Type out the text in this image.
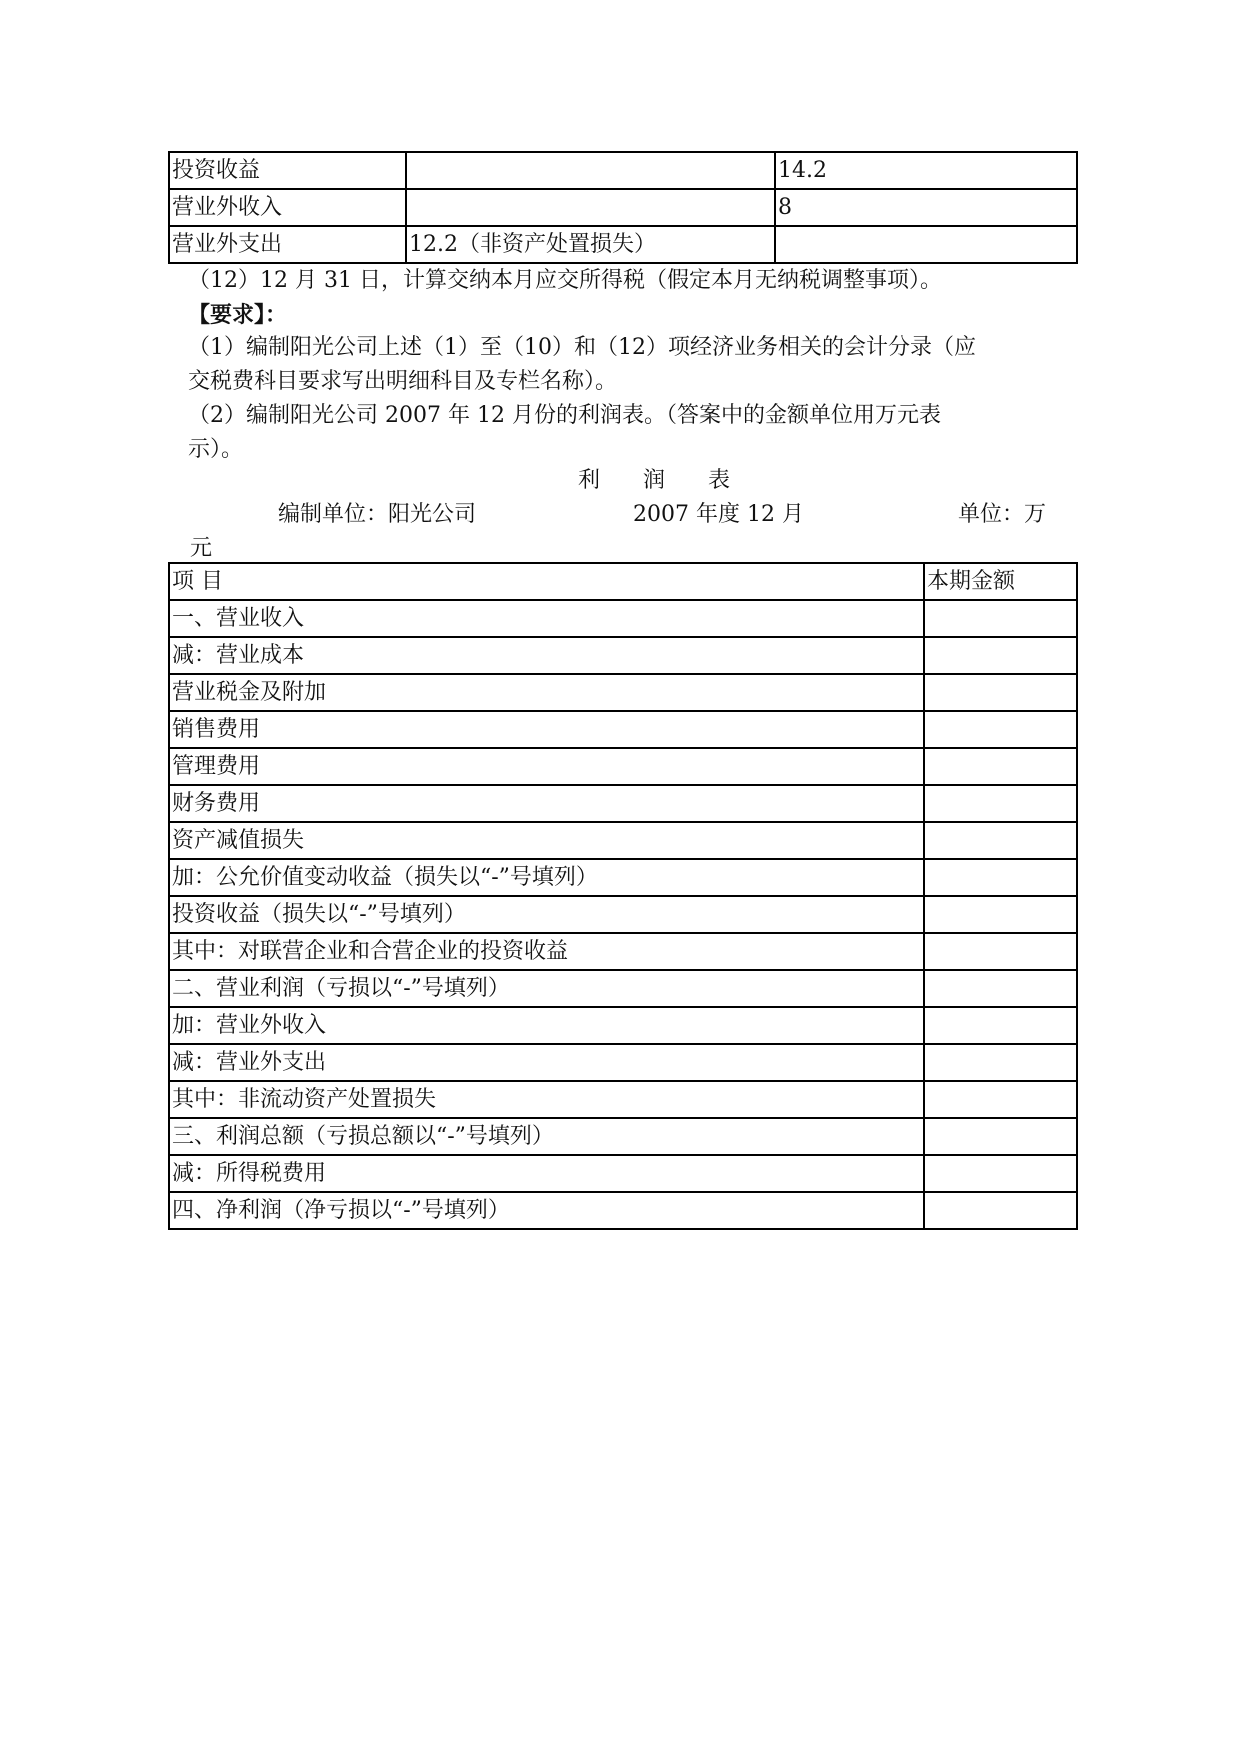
投资收益		14.2
营业外收入		8
营业外支出	12.2（非资产处置损失）	
（12）12 月 31 日，计算交纳本月应交所得税（假定本月无纳税调整事项）。
【要求】：
（1）编制阳光公司上述（1）至（10）和（12）项经济业务相关的会计分录（应
交税费科目要求写出明细科目及专栏名称）。
（2）编制阳光公司 2007 年 12 月份的利润表。（答案中的金额单位用万元表
示）。
利 润 表
编制单位：阳光公司	2007 年度 12 月	单位：万
元
项 目	本期金额
一、营业收入	
减：营业成本	
营业税金及附加	
销售费用	
管理费用	
财务费用	
资产减值损失	
加：公允价值变动收益（损失以“-”号填列）	
投资收益（损失以“-”号填列）	
其中：对联营企业和合营企业的投资收益	
二、营业利润（亏损以“-”号填列）	
加：营业外收入	
减：营业外支出	
其中：非流动资产处置损失	
三、利润总额（亏损总额以“-”号填列）	
减：所得税费用	
四、净利润（净亏损以“-”号填列）	
